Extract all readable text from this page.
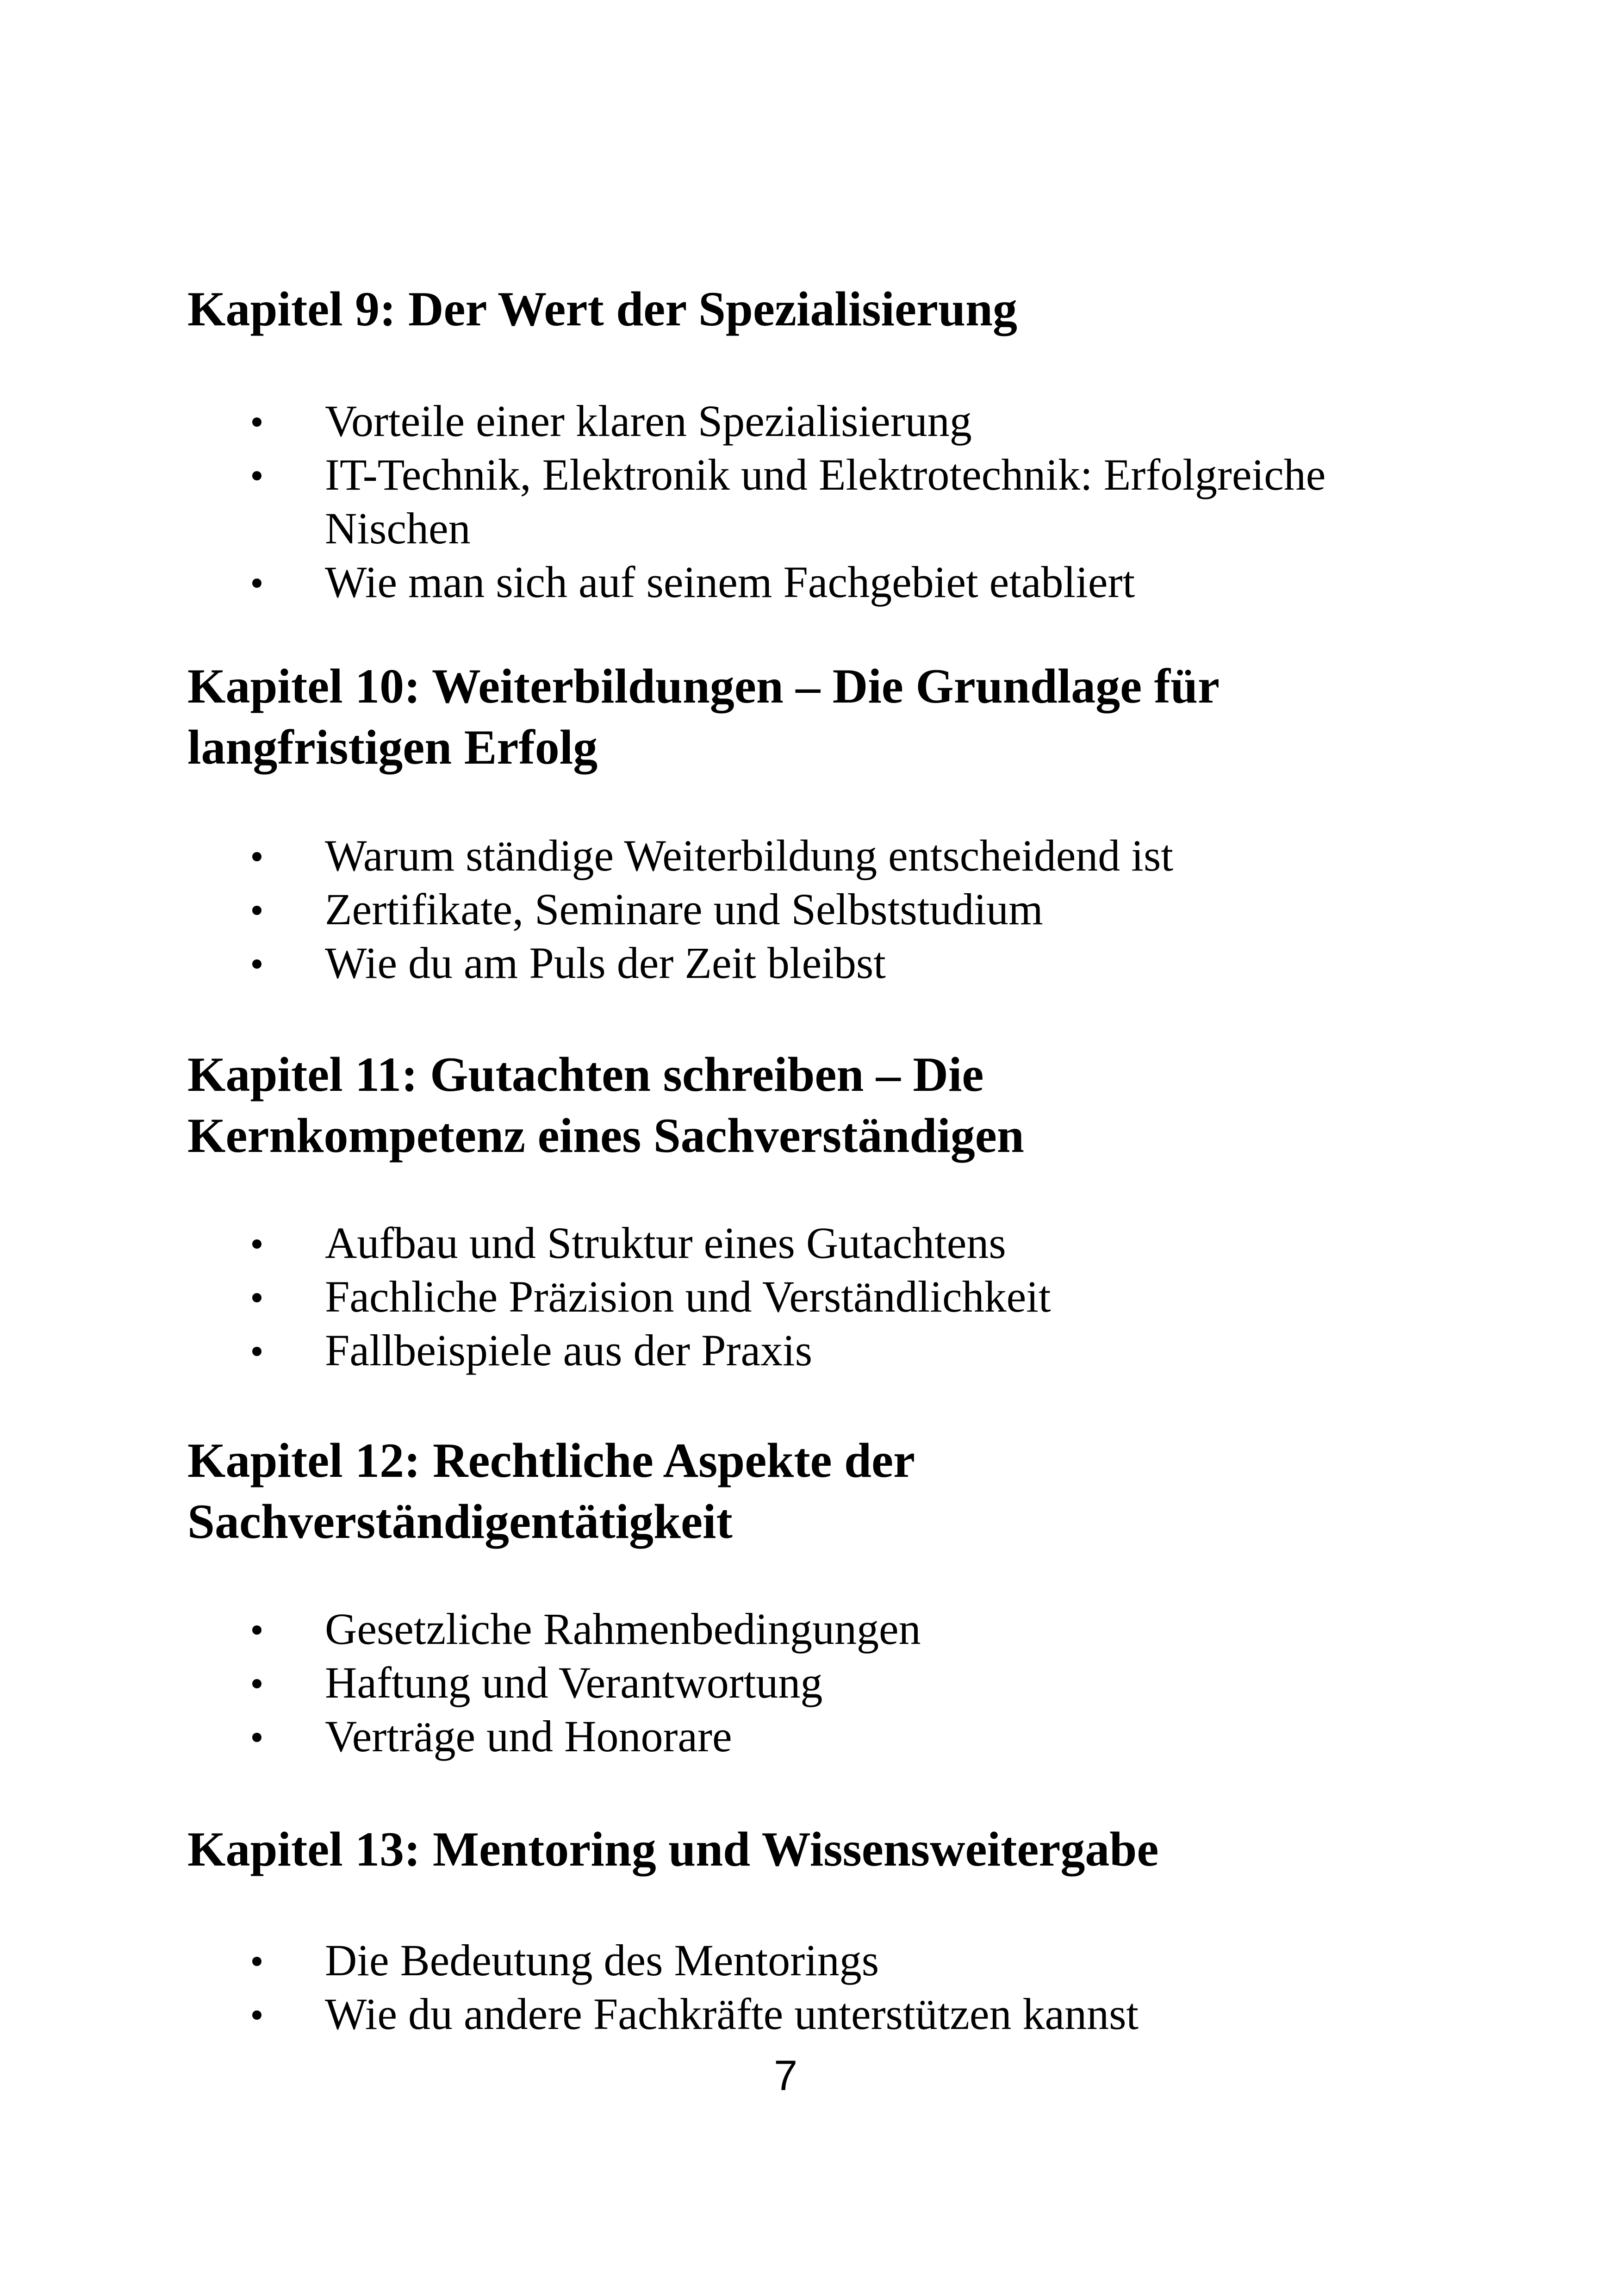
Kapitel 9: Der Wert der Spezialisierung
Vorteile einer klaren Spezialisierung
IT-Technik, Elektronik und Elektrotechnik: Erfolgreiche
Nischen
Wie man sich auf seinem Fachgebiet etabliert
Kapitel 10: Weiterbildungen – Die Grundlage für
langfristigen Erfolg
Warum ständige Weiterbildung entscheidend ist
Zertifikate, Seminare und Selbststudium
Wie du am Puls der Zeit bleibst
Kapitel 11: Gutachten schreiben – Die
Kernkompetenz eines Sachverständigen
Aufbau und Struktur eines Gutachtens
Fachliche Präzision und Verständlichkeit
Fallbeispiele aus der Praxis
Kapitel 12: Rechtliche Aspekte der
Sachverständigentätigkeit
Gesetzliche Rahmenbedingungen
Haftung und Verantwortung
Verträge und Honorare
Kapitel 13: Mentoring und Wissensweitergabe
Die Bedeutung des Mentorings
Wie du andere Fachkräfte unterstützen kannst
7
